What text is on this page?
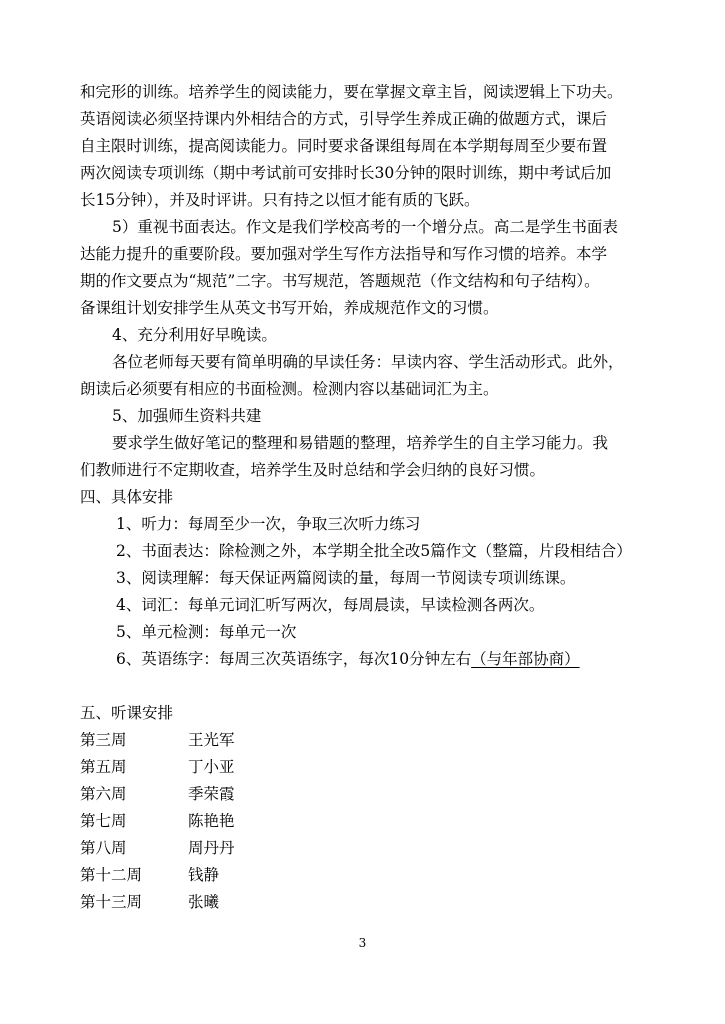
和完形的训练。培养学生的阅读能力，要在掌握文章主旨，阅读逻辑上下功夫。
英语阅读必须坚持课内外相结合的方式，引导学生养成正确的做题方式，课后
自主限时训练，提高阅读能力。同时要求备课组每周在本学期每周至少要布置
两次阅读专项训练（期中考试前可安排时长30分钟的限时训练，期中考试后加
长15分钟），并及时评讲。只有持之以恒才能有质的飞跃。
5）重视书面表达。作文是我们学校高考的一个增分点。高二是学生书面表
达能力提升的重要阶段。要加强对学生写作方法指导和写作习惯的培养。本学
期的作文要点为“规范”二字。书写规范，答题规范（作文结构和句子结构）。
备课组计划安排学生从英文书写开始，养成规范作文的习惯。
4、充分利用好早晚读。
各位老师每天要有简单明确的早读任务：早读内容、学生活动形式。此外，
朗读后必须要有相应的书面检测。检测内容以基础词汇为主。
5、加强师生资料共建
要求学生做好笔记的整理和易错题的整理，培养学生的自主学习能力。我
们教师进行不定期收查，培养学生及时总结和学会归纳的良好习惯。
四、具体安排
1、听力：每周至少一次，争取三次听力练习
2、书面表达：除检测之外，本学期全批全改5篇作文（整篇，片段相结合）
3、阅读理解：每天保证两篇阅读的量，每周一节阅读专项训练课。
4、词汇：每单元词汇听写两次，每周晨读，早读检测各两次。
5、单元检测：每单元一次
6、英语练字：每周三次英语练字，每次10分钟左右（与年部协商）
五、听课安排
第三周	王光军
第五周	丁小亚
第六周	季荣霞
第七周	陈艳艳
第八周	周丹丹
第十二周	钱静
第十三周	张曦
3
